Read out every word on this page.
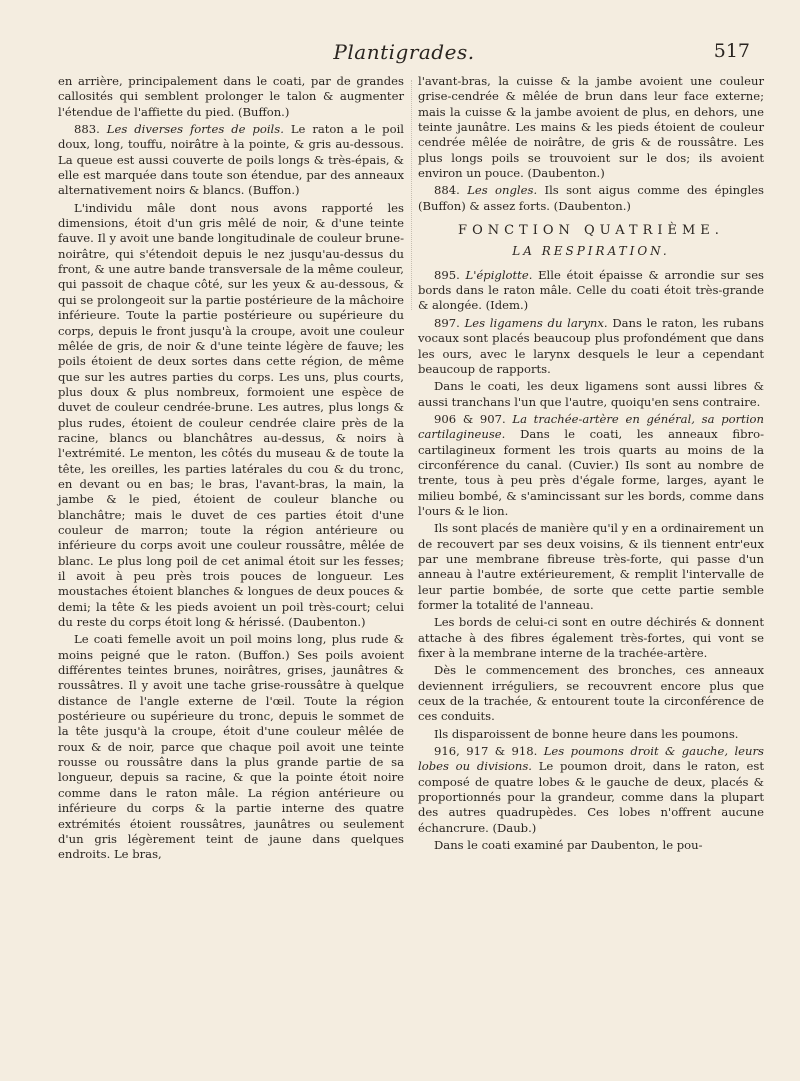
Plantigrades.	517

en arrière, principalement dans le coati, par de grandes callosités qui semblent prolonger le talon & augmenter l'étendue de l'affiette du pied. (Buffon.)

883. Les diverses fortes de poils. Le raton a le poil doux, long, touffu, noirâtre à la pointe, & gris au-dessous. La queue est aussi couverte de poils longs & très-épais, & elle est marquée dans toute son étendue, par des anneaux alternativement noirs & blancs. (Buffon.)

L'individu mâle dont nous avons rapporté les dimensions, étoit d'un gris mêlé de noir, & d'une teinte fauve. Il y avoit une bande longitudinale de couleur brune-noirâtre, qui s'étendoit depuis le nez jusqu'au-dessus du front, & une autre bande transversale de la même couleur, qui passoit de chaque côté, sur les yeux & au-dessous, & qui se prolongeoit sur la partie postérieure de la mâchoire inférieure. Toute la partie postérieure ou supérieure du corps, depuis le front jusqu'à la croupe, avoit une couleur mêlée de gris, de noir & d'une teinte légère de fauve; les poils étoient de deux sortes dans cette région, de même que sur les autres parties du corps. Les uns, plus courts, plus doux & plus nombreux, formoient une espèce de duvet de couleur cendrée-brune. Les autres, plus longs & plus rudes, étoient de couleur cendrée claire près de la racine, blancs ou blanchâtres au-dessus, & noirs à l'extrémité. Le menton, les côtés du museau & de toute la tête, les oreilles, les parties latérales du cou & du tronc, en devant ou en bas; le bras, l'avant-bras, la main, la jambe & le pied, étoient de couleur blanche ou blanchâtre; mais le duvet de ces parties étoit d'une couleur de marron; toute la région antérieure ou inférieure du corps avoit une couleur roussâtre, mêlée de blanc. Le plus long poil de cet animal étoit sur les fesses; il avoit à peu près trois pouces de longueur. Les moustaches étoient blanches & longues de deux pouces & demi; la tête & les pieds avoient un poil très-court; celui du reste du corps étoit long & hérissé. (Daubenton.)

Le coati femelle avoit un poil moins long, plus rude & moins peigné que le raton. (Buffon.) Ses poils avoient différentes teintes brunes, noirâtres, grises, jaunâtres & roussâtres. Il y avoit une tache grise-roussâtre à quelque distance de l'angle externe de l'œil. Toute la région postérieure ou supérieure du tronc, depuis le sommet de la tête jusqu'à la croupe, étoit d'une couleur mêlée de roux & de noir, parce que chaque poil avoit une teinte rousse ou roussâtre dans la plus grande partie de sa longueur, depuis sa racine, & que la pointe étoit noire comme dans le raton mâle. La région antérieure ou inférieure du corps & la partie interne des quatre extrémités étoient roussâtres, jaunâtres ou seulement d'un gris légèrement teint de jaune dans quelques endroits. Le bras,

l'avant-bras, la cuisse & la jambe avoient une couleur grise-cendrée & mêlée de brun dans leur face externe; mais la cuisse & la jambe avoient de plus, en dehors, une teinte jaunâtre. Les mains & les pieds étoient de couleur cendrée mêlée de noirâtre, de gris & de roussâtre. Les plus longs poils se trouvoient sur le dos; ils avoient environ un pouce. (Daubenton.)

884. Les ongles. Ils sont aigus comme des épingles (Buffon) & assez forts. (Daubenton.)

FONCTION QUATRIÈME.
LA RESPIRATION.

895. L'épiglotte. Elle étoit épaisse & arrondie sur ses bords dans le raton mâle. Celle du coati étoit très-grande & alongée. (Idem.)

897. Les ligamens du larynx. Dans le raton, les rubans vocaux sont placés beaucoup plus profondément que dans les ours, avec le larynx desquels le leur a cependant beaucoup de rapports.

Dans le coati, les deux ligamens sont aussi libres & aussi tranchans l'un que l'autre, quoiqu'en sens contraire.

906 & 907. La trachée-artère en général, sa portion cartilagineuse. Dans le coati, les anneaux fibro-cartilagineux forment les trois quarts au moins de la circonférence du canal. (Cuvier.) Ils sont au nombre de trente, tous à peu près d'égale forme, larges, ayant le milieu bombé, & s'amincissant sur les bords, comme dans l'ours & le lion.

Ils sont placés de manière qu'il y en a ordinairement un de recouvert par ses deux voisins, & ils tiennent entr'eux par une membrane fibreuse très-forte, qui passe d'un anneau à l'autre extérieurement, & remplit l'intervalle de leur partie bombée, de sorte que cette partie semble former la totalité de l'anneau.

Les bords de celui-ci sont en outre déchirés & donnent attache à des fibres également très-fortes, qui vont se fixer à la membrane interne de la trachée-artère.

Dès le commencement des bronches, ces anneaux deviennent irréguliers, se recouvrent encore plus que ceux de la trachée, & entourent toute la circonférence de ces conduits.

Ils disparoissent de bonne heure dans les poumons.

916, 917 & 918. Les poumons droit & gauche, leurs lobes ou divisions. Le poumon droit, dans le raton, est composé de quatre lobes & le gauche de deux, placés & proportionnés pour la grandeur, comme dans la plupart des autres quadrupèdes. Ces lobes n'offrent aucune échancrure. (Daub.)

Dans le coati examiné par Daubenton, le pou-
